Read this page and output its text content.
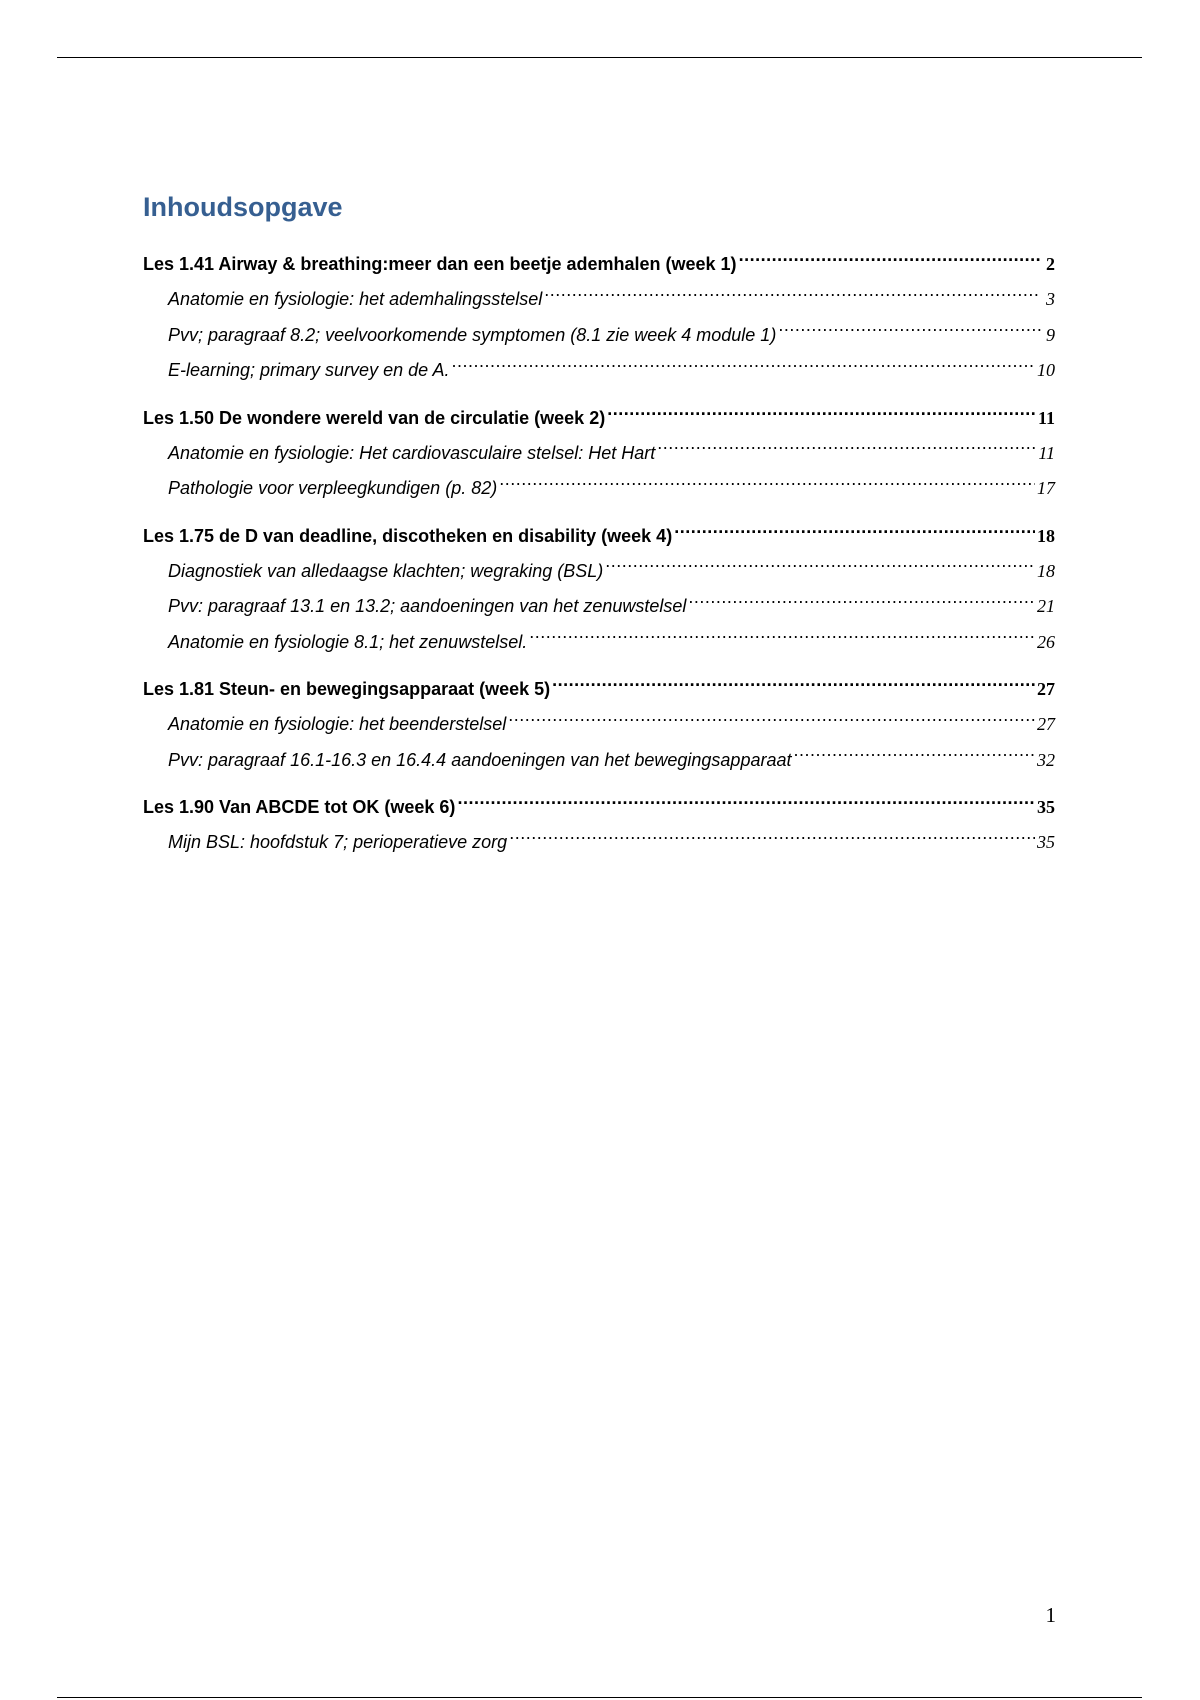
Inhoudsopgave
Les 1.41 Airway & breathing:meer dan een beetje ademhalen (week 1) .....	2
Anatomie en fysiologie: het ademhalingsstelsel .....	3
Pvv; paragraaf 8.2; veelvoorkomende symptomen (8.1 zie week 4 module 1) .....	9
E-learning; primary survey en de A. .....	10
Les 1.50 De wondere wereld van de circulatie (week 2) .....	11
Anatomie en fysiologie: Het cardiovasculaire stelsel: Het Hart .....	11
Pathologie voor verpleegkundigen (p. 82) .....	17
Les 1.75 de D van deadline, discotheken en disability (week 4) .....	18
Diagnostiek van alledaagse klachten; wegraking (BSL) .....	18
Pvv: paragraaf 13.1 en 13.2; aandoeningen van het zenuwstelsel .....	21
Anatomie en fysiologie 8.1; het zenuwstelsel. .....	26
Les 1.81 Steun- en bewegingsapparaat (week 5) .....	27
Anatomie en fysiologie: het beenderstelsel .....	27
Pvv: paragraaf 16.1-16.3 en 16.4.4 aandoeningen van het bewegingsapparaat .....	32
Les 1.90 Van ABCDE tot OK (week 6) .....	35
Mijn BSL: hoofdstuk 7; perioperatieve zorg .....	35
1
